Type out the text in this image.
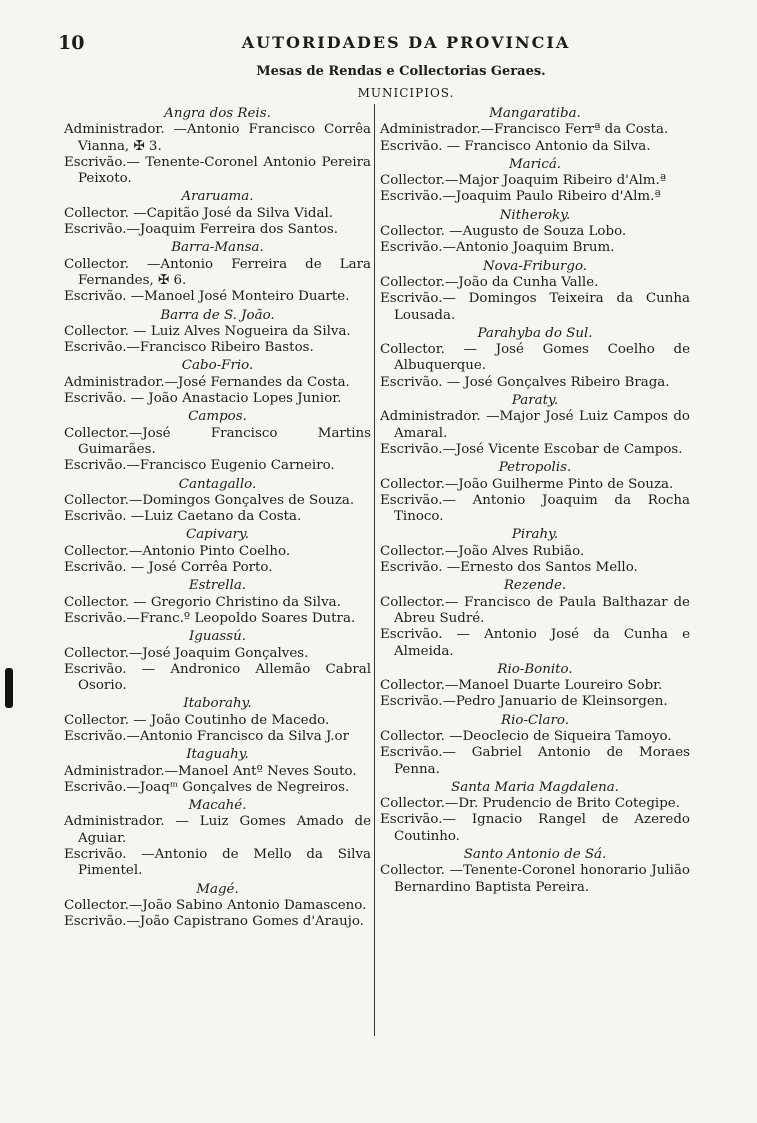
10	AUTORIDADES DA PROVINCIA
Mesas de Rendas e Collectorias Geraes.
MUNICIPIOS.
Angra dos Reis.
Administrador. —Antonio Francisco Corrêa Vianna, ✠ 3.
Escrivão.— Tenente-Coronel Antonio Pereira Peixoto.
Araruama.
Collector. —Capitão José da Silva Vidal.
Escrivão.—Joaquim Ferreira dos Santos.
Barra-Mansa.
Collector. —Antonio Ferreira de Lara Fernandes, ✠ 6.
Escrivão. —Manoel José Monteiro Duarte.
Barra de S. João.
Collector. — Luiz Alves Nogueira da Silva.
Escrivão.—Francisco Ribeiro Bastos.
Cabo-Frio.
Administrador.—José Fernandes da Costa.
Escrivão. — João Anastacio Lopes Junior.
Campos.
Collector.—José Francisco Martins Guimarães.
Escrivão.—Francisco Eugenio Carneiro.
Cantagallo.
Collector.—Domingos Gonçalves de Souza.
Escrivão. —Luiz Caetano da Costa.
Capivary.
Collector.—Antonio Pinto Coelho.
Escrivão. — José Corrêa Porto.
Estrella.
Collector. — Gregorio Christino da Silva.
Escrivão.—Franc.º Leopoldo Soares Dutra.
Iguassú.
Collector.—José Joaquim Gonçalves.
Escrivão. — Andronico Allemão Cabral Osorio.
Itaborahy.
Collector. — João Coutinho de Macedo.
Escrivão.—Antonio Francisco da Silva J.or
Itaguahy.
Administrador.—Manoel Antº Neves Souto.
Escrivão.—Joaqᵐ Gonçalves de Negreiros.
Macahé.
Administrador. — Luiz Gomes Amado de Aguiar.
Escrivão. —Antonio de Mello da Silva Pimentel.
Magé.
Collector.—João Sabino Antonio Damasceno.
Escrivão.—João Capistrano Gomes d'Araujo.
Mangaratiba.
Administrador.—Francisco Ferrª da Costa.
Escrivão. — Francisco Antonio da Silva.
Maricá.
Collector.—Major Joaquim Ribeiro d'Alm.ª
Escrivão.—Joaquim Paulo Ribeiro d'Alm.ª
Nitheroky.
Collector. —Augusto de Souza Lobo.
Escrivão.—Antonio Joaquim Brum.
Nova-Friburgo.
Collector.—João da Cunha Valle.
Escrivão.— Domingos Teixeira da Cunha Lousada.
Parahyba do Sul.
Collector. — José Gomes Coelho de Albuquerque.
Escrivão. — José Gonçalves Ribeiro Braga.
Paraty.
Administrador. —Major José Luiz Campos do Amaral.
Escrivão.—José Vicente Escobar de Campos.
Petropolis.
Collector.—João Guilherme Pinto de Souza.
Escrivão.— Antonio Joaquim da Rocha Tinoco.
Pirahy.
Collector.—João Alves Rubião.
Escrivão. —Ernesto dos Santos Mello.
Rezende.
Collector.— Francisco de Paula Balthazar de Abreu Sudré.
Escrivão. — Antonio José da Cunha e Almeida.
Rio-Bonito.
Collector.—Manoel Duarte Loureiro Sobr.
Escrivão.—Pedro Januario de Kleinsorgen.
Rio-Claro.
Collector. —Deoclecio de Siqueira Tamoyo.
Escrivão.— Gabriel Antonio de Moraes Penna.
Santa Maria Magdalena.
Collector.—Dr. Prudencio de Brito Cotegipe.
Escrivão.— Ignacio Rangel de Azeredo Coutinho.
Santo Antonio de Sá.
Collector. —Tenente-Coronel honorario Julião Bernardino Baptista Pereira.
